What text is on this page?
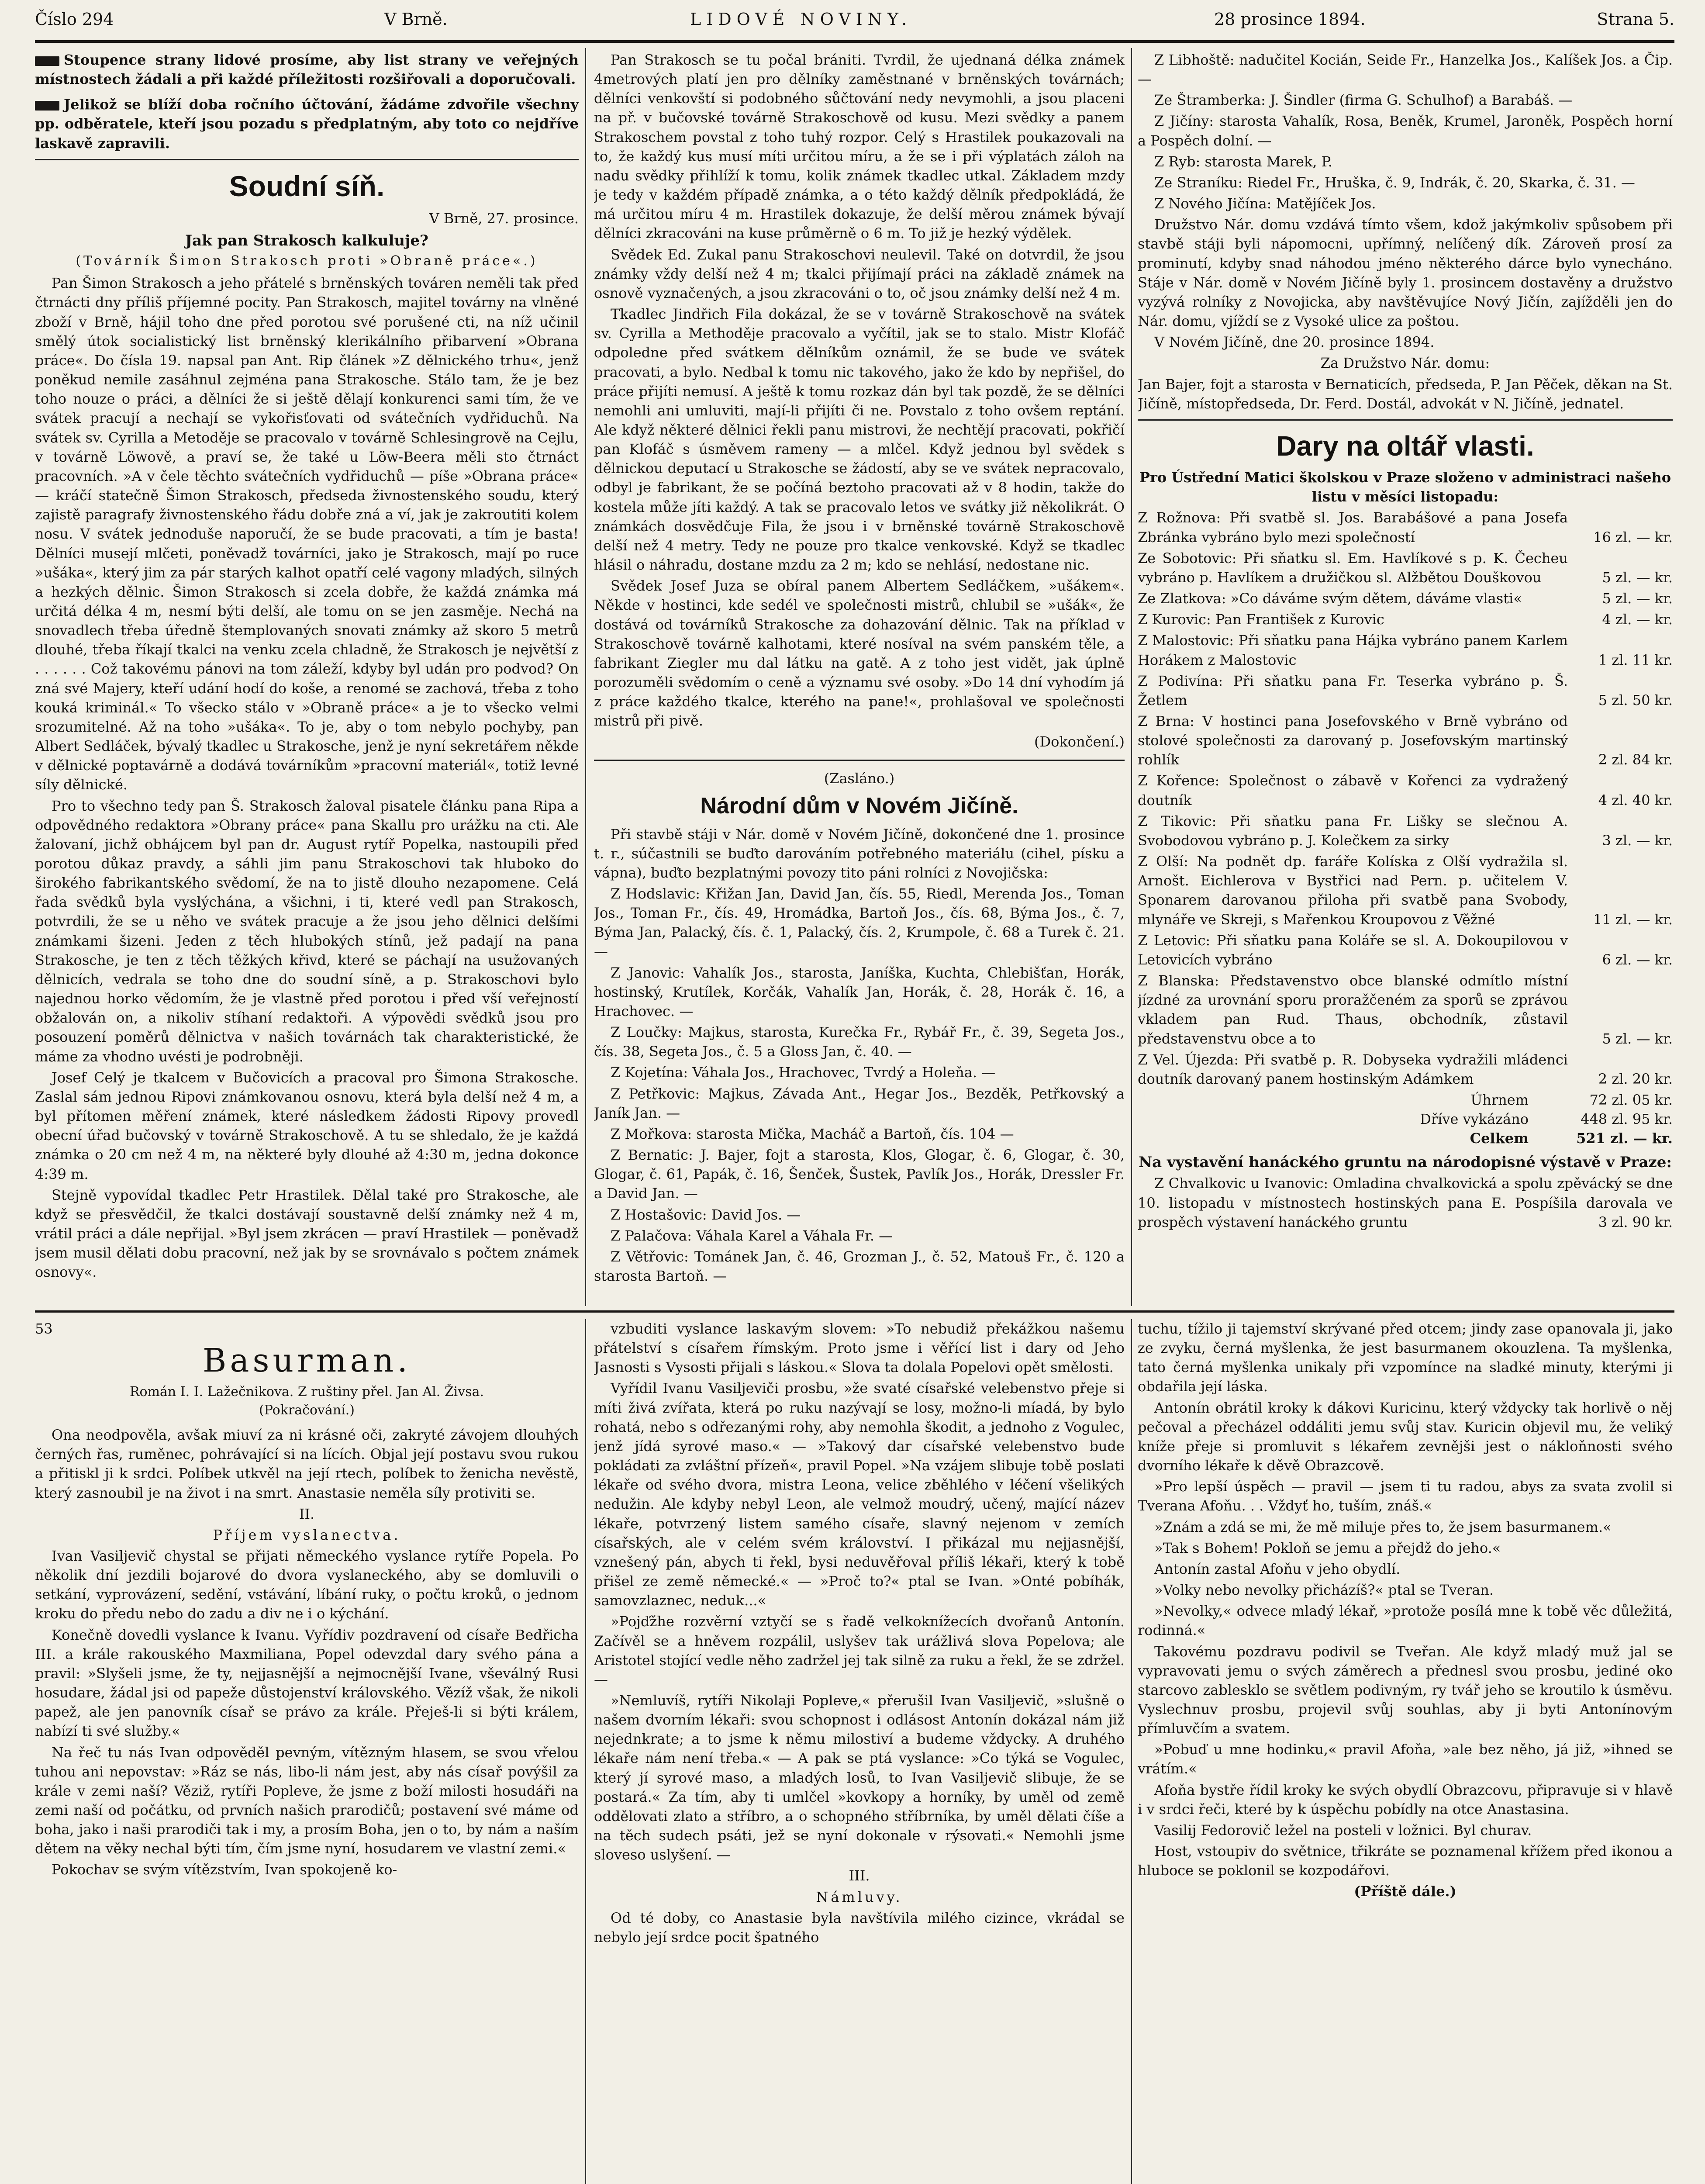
Číslo 294	V Brně.	LIDOVÉ NOVINY.	28 prosince 1894.	Strana 5.

Stoupence strany lidové prosíme, aby list strany ve veřejných místnostech žádali a při každé příležitosti rozšiřovali a doporučovali.

Jelikož se blíží doba ročního účtování, žádáme zdvořile všechny pp. odběratele, kteří jsou pozadu s předplatným, aby toto co nejdříve laskavě zapravili.

Soudní síň.
V Brně, 27. prosince.
Jak pan Strakosch kalkuluje?
(Továrník Šimon Strakosch proti »Obraně práce«.)

Pan Šimon Strakosch a jeho přátelé s brněnských továren neměli tak před čtrnácti dny příliš příjemné pocity. Pan Strakosch, majitel továrny na vlněné zboží v Brně, hájil toho dne před porotou své porušené cti, na níž učinil smělý útok socialistický list brněnský klerikálního přibarvení »Obrana práce«. Do čísla 19. napsal pan Ant. Rip článek »Z dělnického trhu«, jenž poněkud nemile zasáhnul zejména pana Strakosche. Stálo tam, že je bez toho nouze o práci, a dělníci že si ještě dělají konkurenci sami tím, že ve svátek pracují a nechají se vykořisťovati od svátečních vydřiduchů. Na svátek sv. Cyrilla a Metoděje se pracovalo v továrně Schlesingrově na Cejlu, v továrně Löwově, a praví se, že také u Löw-Beera měli sto čtrnáct pracovních. »A v čele těchto svátečních vydřiduchů — píše »Obrana práce« — kráčí statečně Šimon Strakosch, předseda živnostenského soudu, který zajistě paragrafy živnostenského řádu dobře zná a ví, jak je zakroutiti kolem nosu. V svátek jednoduše naporučí, že se bude pracovati, a tím je basta! Dělníci musejí mlčeti, poněvadž továrníci, jako je Strakosch, mají po ruce »ušáka«, který jim za pár starých kalhot opatří celé vagony mladých, silných a hezkých dělnic. Šimon Strakosch si zcela dobře, že každá známka má určitá délka 4 m, nesmí býti delší, ale tomu on se jen zasměje. Nechá na snovadlech třeba úředně štemplovaných snovati známky až skoro 5 metrů dlouhé, třeba říkají tkalci na venku zcela chladně, že Strakosch je největší z . . . . . . Což takovému pánovi na tom záleží, kdyby byl udán pro podvod? On zná své Majery, kteří udání hodí do koše, a renomé se zachová, třeba z toho kouká kriminál.« To všecko stálo v »Obraně práce« a je to všecko velmi srozumitelné. Až na toho »ušáka«. To je, aby o tom nebylo pochyby, pan Albert Sedláček, bývalý tkadlec u Strakosche, jenž je nyní sekretářem někde v dělnické poptavárně a dodává továrníkům »pracovní materiál«, totiž levné síly dělnické.

Pro to všechno tedy pan Š. Strakosch žaloval pisatele článku pana Ripa a odpovědného redaktora »Obrany práce« pana Skallu pro urážku na cti. Ale žalovaní, jichž obhájcem byl pan dr. August rytíř Popelka, nastoupili před porotou důkaz pravdy, a sáhli jim panu Strakoschovi tak hluboko do širokého fabrikantského svědomí, že na to jistě dlouho nezapomene. Celá řada svědků byla vyslýchána, a všichni, i ti, které vedl pan Strakosch, potvrdili, že se u něho ve svátek pracuje a že jsou jeho dělnici delšími známkami šizeni. Jeden z těch hlubokých stínů, jež padají na pana Strakosche, je ten z těch těžkých křivd, které se páchají na usužovaných dělnicích, vedrala se toho dne do soudní síně, a p. Strakoschovi bylo najednou horko vědomím, že je vlastně před porotou i před vší veřejností obžalován on, a nikoliv stíhaní redaktoři. A výpovědi svědků jsou pro posouzení poměrů dělnictva v našich továrnách tak charakteristické, že máme za vhodno uvésti je podrobněji.

Josef Celý je tkalcem v Bučovicích a pracoval pro Šimona Strakosche. Zaslal sám jednou Ripovi známkovanou osnovu, která byla delší než 4 m, a byl přítomen měření známek, které následkem žádosti Ripovy provedl obecní úřad bučovský v továrně Strakoschově. A tu se shledalo, že je každá známka o 20 cm než 4 m, na některé byly dlouhé až 4:30 m, jedna dokonce 4:39 m.

Stejně vypovídal tkadlec Petr Hrastilek. Dělal také pro Strakosche, ale když se přesvědčil, že tkalci dostávají soustavně delší známky než 4 m, vrátil práci a dále nepřijal. »Byl jsem zkrácen — praví Hrastilek — poněvadž jsem musil dělati dobu pracovní, než jak by se srovnávalo s počtem známek osnovy«.

Pan Strakosch se tu počal brániti. Tvrdil, že ujednaná délka známek 4metrových platí jen pro dělníky zaměstnané v brněnských továrnách; dělníci venkovští si podobného sůčtování nedy nevymohli, a jsou placeni na př. v bučovské továrně Strakoschově od kusu. Mezi svědky a panem Strakoschem povstal z toho tuhý rozpor. Celý s Hrastilek poukazovali na to, že každý kus musí míti určitou míru, a že se i při výplatách záloh na nadu svědky přihlíží k tomu, kolik známek tkadlec utkal. Základem mzdy je tedy v každém případě známka, a o této každý dělník předpokládá, že má určitou míru 4 m. Hrastilek dokazuje, že delší měrou známek bývají dělníci zkracováni na kuse průměrně o 6 m. To již je hezký výdělek.

Svědek Ed. Zukal panu Strakoschovi neulevil. Také on dotvrdil, že jsou známky vždy delší než 4 m; tkalci přijímají práci na základě známek na osnově vyznačených, a jsou zkracováni o to, oč jsou známky delší než 4 m.

Tkadlec Jindřich Fila dokázal, že se v továrně Strakoschově na svátek sv. Cyrilla a Methoděje pracovalo a vyčítil, jak se to stalo. Mistr Klofáč odpoledne před svátkem dělníkům oznámil, že se bude ve svátek pracovati, a bylo. Nedbal k tomu nic takového, jako že kdo by nepřišel, do práce přijíti nemusí. A ještě k tomu rozkaz dán byl tak pozdě, že se dělníci nemohli ani umluviti, mají-li přijíti či ne. Povstalo z toho ovšem reptání. Ale když některé dělnici řekli panu mistrovi, že nechtějí pracovati, pokřičí pan Klofáč s úsměvem rameny — a mlčel. Když jednou byl svědek s dělnickou deputací u Strakosche se žádostí, aby se ve svátek nepracovalo, odbyl je fabrikant, že se počíná beztoho pracovati až v 8 hodin, takže do kostela může jíti každý. A tak se pracovalo letos ve svátky již několikrát. O známkách dosvědčuje Fila, že jsou i v brněnské továrně Strakoschově delší než 4 metry. Tedy ne pouze pro tkalce venkovské. Když se tkadlec hlásil o náhradu, dostane mzdu za 2 m; kdo se nehlásí, nedostane nic.

Svědek Josef Juza se obíral panem Albertem Sedláčkem, »ušákem«. Někde v hostinci, kde sedél ve společnosti mistrů, chlubil se »ušák«, že dostává od továrníků Strakosche za dohazování dělnic. Tak na příklad v Strakoschově továrně kalhotami, které nosíval na svém panském těle, a fabrikant Ziegler mu dal látku na gatě. A z toho jest vidět, jak úplně porozuměli svědomím o ceně a významu své osoby. »Do 14 dní vyhodím já z práce každého tkalce, kterého na pane!«, prohlašoval ve společnosti mistrů při pivě.

(Dokončení.)

(Zasláno.)
Národní dům v Novém Jičíně.

Při stavbě stáji v Nár. domě v Novém Jičíně, dokončené dne 1. prosince t. r., súčastnili se buďto darováním potřebného materiálu (cihel, písku a vápna), buďto bezplatnými povozy tito páni rolníci z Novojičska:

Z Hodslavic: Křižan Jan, David Jan, čís. 55, Riedl, Merenda Jos., Toman Jos., Toman Fr., čís. 49, Hromádka, Bartoň Jos., čís. 68, Býma Jos., č. 7, Býma Jan, Palacký, čís. č. 1, Palacký, čís. 2, Krumpole, č. 68 a Turek č. 21. —

Z Janovic: Vahalík Jos., starosta, Janíška, Kuchta, Chlebišťan, Horák, hostinský, Krutílek, Korčák, Vahalík Jan, Horák, č. 28, Horák č. 16, a Hrachovec. —

Z Loučky: Majkus, starosta, Kurečka Fr., Rybář Fr., č. 39, Segeta Jos., čís. 38, Segeta Jos., č. 5 a Gloss Jan, č. 40. —

Z Kojetína: Váhala Jos., Hrachovec, Tvrdý a Holeňa. —

Z Petřkovic: Majkus, Závada Ant., Hegar Jos., Bezděk, Petřkovský a Janík Jan. —

Z Mořkova: starosta Mička, Macháč a Bartoň, čís. 104 —

Z Bernatic: J. Bajer, fojt a starosta, Klos, Glogar, č. 6, Glogar, č. 30, Glogar, č. 61, Papák, č. 16, Šenček, Šustek, Pavlík Jos., Horák, Dressler Fr. a David Jan. —

Z Hostašovic: David Jos. —

Z Palačova: Váhala Karel a Váhala Fr. —

Z Větřovic: Tománek Jan, č. 46, Grozman J., č. 52, Matouš Fr., č. 120 a starosta Bartoň. —

Z Libhoště: nadučitel Kocián, Seide Fr., Hanzelka Jos., Kalíšek Jos. a Čip. —

Ze Štramberka: J. Šindler (firma G. Schulhof) a Barabáš. —

Z Jičíny: starosta Vahalík, Rosa, Beněk, Krumel, Jaroněk, Pospěch horní a Pospěch dolní. —

Z Ryb: starosta Marek, P.

Ze Straníku: Riedel Fr., Hruška, č. 9, Indrák, č. 20, Skarka, č. 31. —

Z Nového Jičína: Matějíček Jos.

Družstvo Nár. domu vzdává tímto všem, kdož jakýmkoliv spůsobem při stavbě stáji byli nápomocni, upřímný, nelíčený dík. Zároveň prosí za prominutí, kdyby snad náhodou jméno některého dárce bylo vynecháno. Stáje v Nár. domě v Novém Jičíně byly 1. prosincem dostavěny a družstvo vyzývá rolníky z Novojicka, aby navštěvujíce Nový Jičín, zajížděli jen do Nár. domu, vjíždí se z Vysoké ulice za poštou.

V Novém Jičíně, dne 20. prosince 1894.

Za Družstvo Nár. domu:

Jan Bajer, fojt a starosta v Bernaticích, předseda, P. Jan Pěček, děkan na St. Jičíně, místopředseda, Dr. Ferd. Dostál, advokát v N. Jičíně, jednatel.

Dary na oltář vlasti.

Pro Ústřední Matici školskou v Praze složeno v administraci našeho listu v měsíci listopadu:

Z Rožnova: Při svatbě sl. Jos. Barabášové a pana Josefa Zbránka vybráno bylo mezi společností	16 zl. — kr.
Ze Sobotovic: Při sňatku sl. Em. Havlíkové s p. K. Čecheu vybráno p. Havlíkem a družičkou sl. Alžbětou Douškovou	5 zl. — kr.
Ze Zlatkova: »Co dáváme svým dětem, dáváme vlasti«	5 zl. — kr.
Z Kurovic: Pan František z Kurovic	4 zl. — kr.
Z Malostovic: Při sňatku pana Hájka vybráno panem Karlem Horákem z Malostovic	1 zl. 11 kr.
Z Podivína: Při sňatku pana Fr. Teserka vybráno p. Š. Žetlem	5 zl. 50 kr.
Z Brna: V hostinci pana Josefovského v Brně vybráno od stolové společnosti za darovaný p. Josefovským martinský rohlík	2 zl. 84 kr.
Z Kořence: Společnost o zábavě v Kořenci za vydražený doutník	4 zl. 40 kr.
Z Tikovic: Při sňatku pana Fr. Lišky se slečnou A. Svobodovou vybráno p. J. Kolečkem za sirky	3 zl. — kr.
Z Olší: Na podnět dp. faráře Kolíska z Olší vydražila sl. Arnošt. Eichlerova v Bystřici nad Pern. p. učitelem V. Sponarem darovanou přiloha při svatbě pana Svobody, mlynáře ve Skreji, s Mařenkou Kroupovou z Věžné	11 zl. — kr.
Z Letovic: Při sňatku pana Koláře se sl. A. Dokoupilovou v Letovicích vybráno	6 zl. — kr.
Z Blanska: Představenstvo obce blanské odmítlo místní jízdné za urovnání sporu proražčeném za sporů se zprávou vkladem pan Rud. Thaus, obchodník, zůstavil představenstvu obce a to	5 zl. — kr.
Z Vel. Újezda: Při svatbě p. R. Dobyseka vydražili mládenci doutník darovaný panem hostinským Adámkem	2 zl. 20 kr.
Úhrnem	72 zl. 05 kr.
Dříve vykázáno	448 zl. 95 kr.
Celkem	521 zl. — kr.
Na vystavění hanáckého gruntu na národopisné výstavě v Praze:

Z Chvalkovic u Ivanovic: Omladina chvalkovická a spolu zpěvácký se dne 10. listopadu v místnostech hostinských pana E. Pospíšila darovala ve prospěch výstavení hanáckého gruntu	3 zl. 90 kr.

53
Basurman.
Román I. I. Lažečnikova. Z ruštiny přel. Jan Al. Živsa.
(Pokračování.)

Ona neodpověla, avšak miuví za ni krásné oči, zakryté závojem dlouhých černých řas, ruměnec, pohrávající si na lících. Objal její postavu svou rukou a přitiskl ji k srdci. Políbek utkvěl na její rtech, políbek to ženicha nevěstě, který zasnoubil je na život i na smrt. Anastasie neměla síly protiviti se.

II.

Příjem vyslanectva.

Ivan Vasiljevič chystal se přijati německého vyslance rytíře Popela. Po několik dní jezdili bojarové do dvora vyslaneckého, aby se domluvili o setkání, vyprovázení, sedění, vstávání, líbání ruky, o počtu kroků, o jednom kroku do předu nebo do zadu a div ne i o kýchání.

Konečně dovedli vyslance k Ivanu. Vyřídiv pozdravení od císaře Bedřicha III. a krále rakouského Maxmiliana, Popel odevzdal dary svého pána a pravil: »Slyšeli jsme, že ty, nejjasnější a nejmocnější Ivane, vševálný Rusi hosudare, žádal jsi od papeže důstojenství královského. Vězíž však, že nikoli papež, ale jen panovník císař se právo za krále. Přeješ-li si býti králem, nabízí ti své služby.«

Na řeč tu nás Ivan odpověděl pevným, vítězným hlasem, se svou vřelou tuhou ani nepovstav: »Ráz se nás, libo-li nám jest, aby nás císař povýšil za krále v zemi naší? Věziž, rytíři Popleve, že jsme z boží milosti hosudáři na zemi naší od počátku, od prvních našich prarodičů; postavení své máme od boha, jako i naši prarodiči tak i my, a prosím Boha, jen o to, by nám a naším dětem na věky nechal býti tím, čím jsme nyní, hosudarem ve vlastní zemi.«

Pokochav se svým vítězstvím, Ivan spokojeně ko-

vzbuditi vyslance laskavým slovem: »To nebudiž překážkou našemu přátelství s císařem římským. Proto jsme i věřící list i dary od Jeho Jasnosti s Vysosti přijali s láskou.« Slova ta dolala Popelovi opět smělosti.

Vyřídil Ivanu Vasiljeviči prosbu, »že svaté císařské velebenstvo přeje si míti živá zvířata, která po ruku nazývají se losy, možno-li míadá, by bylo rohatá, nebo s odřezanými rohy, aby nemohla škodit, a jednoho z Vogulec, jenž jídá syrové maso.« — »Takový dar císařské velebenstvo bude pokládati za zvláštní přízeň«, pravil Popel. »Na vzájem slibuje tobě poslati lékaře od svého dvora, mistra Leona, velice zběhlého v léčení všelikých nedužin. Ale kdyby nebyl Leon, ale velmož moudrý, učený, mající název lékaře, potvrzený listem samého císaře, slavný nejenom v zemích císařských, ale v celém svém království. I přikázal mu nejjasnější, vznešený pán, abych ti řekl, bysi neduvěřoval příliš lékaři, který k tobě přišel ze země německé.« — »Proč to?« ptal se Ivan. »Onté pobíhák, samovzlaznec, neduk...«

»Pojďžhe rozvěrní vztyčí se s řadě velkoknížecích dvořanů Antonín. Začívěl se a hněvem rozpálil, uslyšev tak urážlivá slova Popelova; ale Aristotel stojící vedle něho zadržel jej tak silně za ruku a řekl, že se zdržel. —

»Nemluvíš, rytíři Nikolaji Popleve,« přerušil Ivan Vasiljevič, »slušně o našem dvorním lékaři: svou schopnost i odlásost Antonín dokázal nám již nejednkrate; a to jsme k němu milostiví a budeme vždycky. A druhého lékaře nám není třeba.« — A pak se ptá vyslance: »Co týká se Vogulec, který jí syrové maso, a mladých losů, to Ivan Vasiljevič slibuje, že se postará.« Za tím, aby ti umlčel »kovkopy a horníky, by uměl od země oddělovati zlato a stříbro, a o schopného stříbrníka, by uměl dělati číše a na těch sudech psáti, jež se nyní dokonale v rýsovati.« Nemohli jsme sloveso uslyšení. —

III.

Námluvy.

Od té doby, co Anastasie byla navštívila milého cizince, vkrádal se nebylo její srdce pocit špatného

tuchu, tížilo ji tajemství skrývané před otcem; jindy zase opanovala ji, jako ze zvyku, černá myšlenka, že jest basurmanem okouzlena. Ta myšlenka, tato černá myšlenka unikaly při vzpomínce na sladké minuty, kterými ji obdařila její láska.

Antonín obrátil kroky k dákovi Kuricinu, který vždycky tak horlivě o něj pečoval a přecházel oddáliti jemu svůj stav. Kuricin objevil mu, že veliký kníže přeje si promluvit s lékařem zevnějši jest o nákloňnosti svého dvorního lékaře k děvě Obrazcově.

»Pro lepší úspěch — pravil — jsem ti tu radou, abys za svata zvolil si Tverana Afoňu. . . Vždyť ho, tuším, znáš.«

»Znám a zdá se mi, že mě miluje přes to, že jsem basurmanem.«

»Tak s Bohem! Pokloň se jemu a přejdž do jeho.«

Antonín zastal Afoňu v jeho obydlí.

»Volky nebo nevolky přicházíš?« ptal se Tveran.

»Nevolky,« odvece mladý lékař, »protože posílá mne k tobě věc důležitá, rodinná.«

Takovému pozdravu podivil se Tveřan. Ale když mladý muž jal se vypravovati jemu o svých záměrech a přednesl svou prosbu, jediné oko starcovo zablesklo se světlem podivným, ry tvář jeho se kroutilo k úsměvu. Vyslechnuv prosbu, projevil svůj souhlas, aby ji byti Antonínovým přímluvčím a svatem.

»Pobuď u mne hodinku,« pravil Afoňa, »ale bez něho, já již, »ihned se vrátím.«

Afoňa bystře řídil kroky ke svých obydlí Obrazcovu, připravuje si v hlavě i v srdci řeči, které by k úspěchu pobídly na otce Anastasina.

Vasilij Fedorovič ležel na posteli v ložnici. Byl churav.

Host, vstoupiv do světnice, třikráte se poznamenal křížem před ikonou a hluboce se poklonil se kozpodářovi.

(Příště dále.)
